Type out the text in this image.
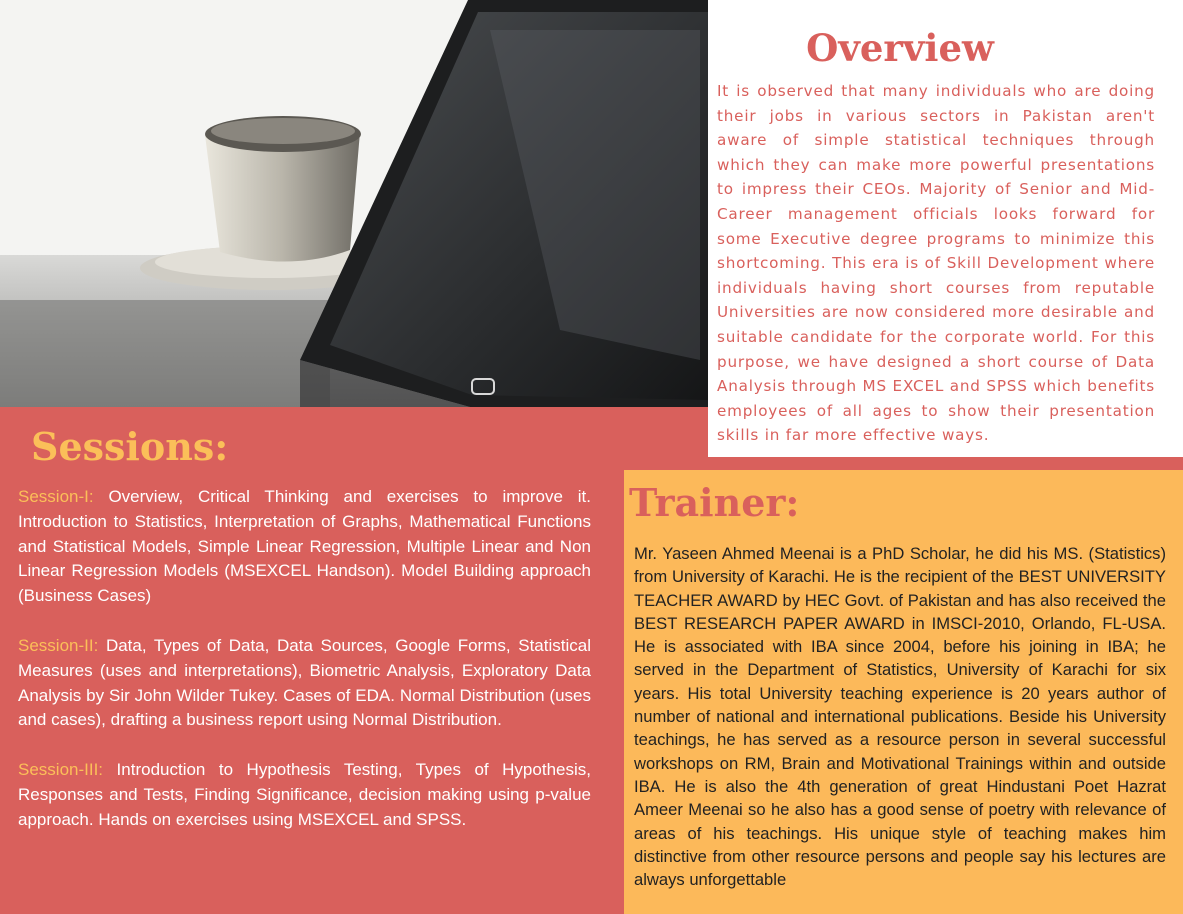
Overview

It is observed that many individuals who are doing their jobs in various sectors in Pakistan aren't aware of simple statistical techniques through which they can make more powerful presentations to impress their CEOs. Majority of Senior and Mid-Career management officials looks forward for some Executive degree programs to minimize this shortcoming. This era is of Skill Development where individuals having short courses from reputable Universities are now considered more desirable and suitable candidate for the corporate world. For this purpose, we have designed a short course of Data Analysis through MS EXCEL and SPSS which benefits employees of all ages to show their presentation skills in far more effective ways.

Sessions:

Session-I: Overview, Critical Thinking and exercises to improve it. Introduction to Statistics, Interpretation of Graphs, Mathematical Functions and Statistical Models, Simple Linear Regression, Multiple Linear and Non Linear Regression Models (MSEXCEL Handson). Model Building approach (Business Cases)

Session-II: Data, Types of Data, Data Sources, Google Forms, Statistical Measures (uses and interpretations), Biometric Analysis, Exploratory Data Analysis by Sir John Wilder Tukey. Cases of EDA. Normal Distribution (uses and cases), drafting a business report using Normal Distribution.

Session-III: Introduction to Hypothesis Testing, Types of Hypothesis, Responses and Tests, Finding Significance, decision making using p-value approach. Hands on exercises using MSEXCEL and SPSS.

Trainer:

Mr. Yaseen Ahmed Meenai is a PhD Scholar, he did his MS. (Statistics) from University of Karachi. He is the recipient of the BEST UNIVERSITY TEACHER AWARD by HEC Govt. of Pakistan and has also received the BEST RESEARCH PAPER AWARD in IMSCI-2010, Orlando, FL-USA. He is associated with IBA since 2004, before his joining in IBA; he served in the Department of Statistics, University of Karachi for six years. His total University teaching experience is 20 years author of number of national and international publications. Beside his University teachings, he has served as a resource person in several successful workshops on RM, Brain and Motivational Trainings within and outside IBA. He is also the 4th generation of great Hindustani Poet Hazrat Ameer Meenai so he also has a good sense of poetry with relevance of areas of his teachings. His unique style of teaching makes him distinctive from other resource persons and people say his lectures are always unforgettable
